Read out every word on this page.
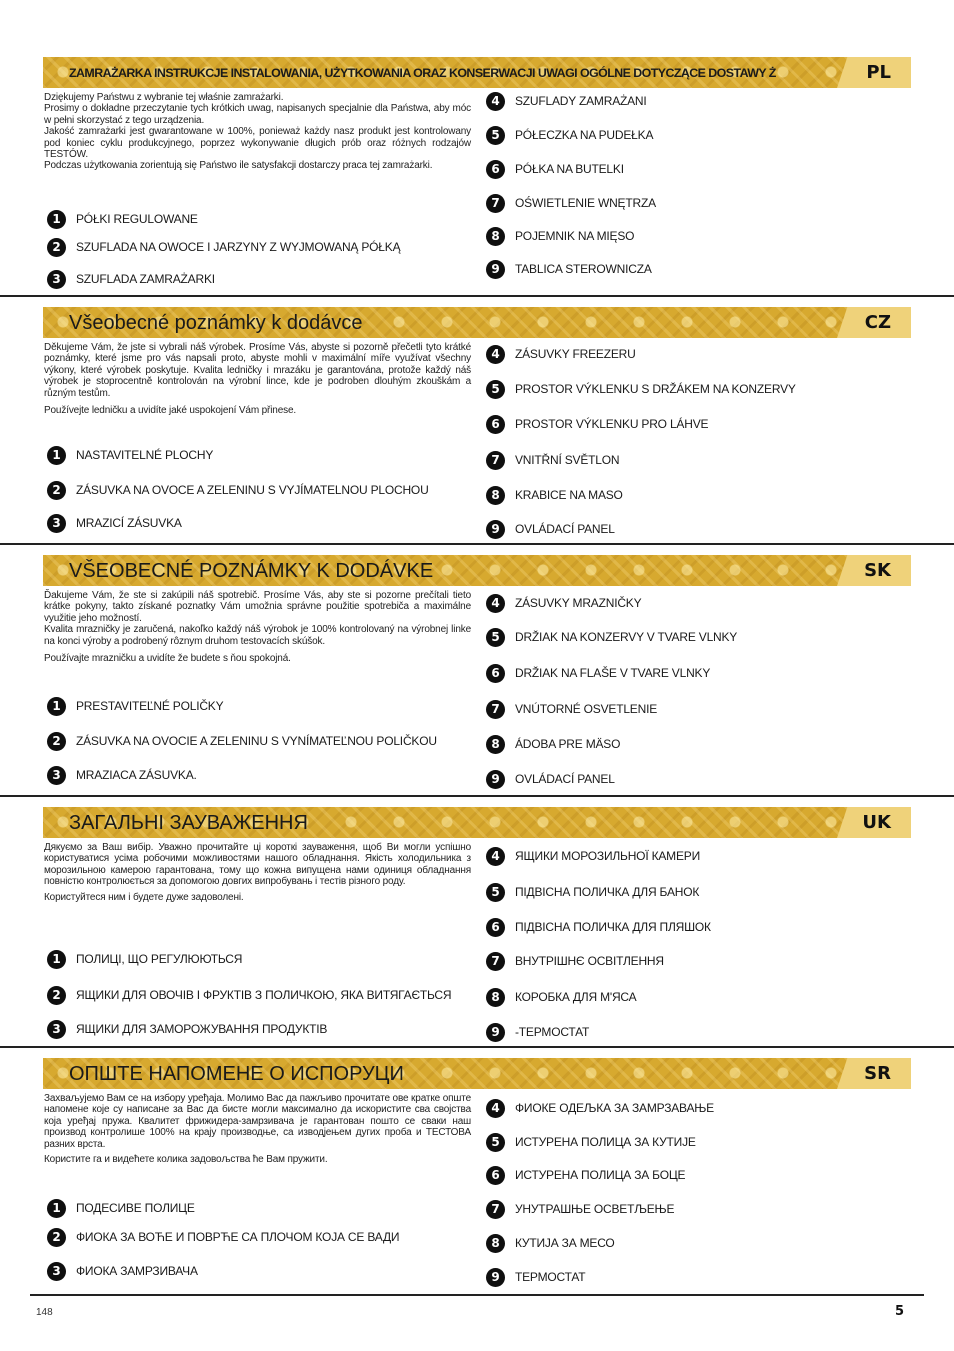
ZAMRAŻARKA INSTRUKCJE INSTALOWANIA, UŻYTKOWANIA ORAZ KONSERWACJI UWAGI OGÓLNE DOTYCZĄCE DOSTAWY Ż	PL

Dziękujemy Państwu z wybranie tej właśnie zamrażarki.

Prosimy o dokładne przeczytanie tych krótkich uwag, napisanych specjalnie dla Państwa, aby móc w pełni skorzystać z tego urządzenia.

Jakość zamrażarki jest gwarantowane w 100%, ponieważ każdy nasz produkt jest kontrolowany pod koniec cyklu produkcyjnego, poprzez wykonywanie długich prób oraz różnych rodzajów TESTÓW.

Podczas użytkowania zorientują się Państwo ile satysfakcji dostarczy praca tej zamrażarki.

1	PÓŁKI REGULOWANE
2	SZUFLADA NA OWOCE I JARZYNY Z WYJMOWANĄ PÓŁKĄ
3	SZUFLADA ZAMRAŻARKI
4	SZUFLADY ZAMRAŻANI
5	PÓŁECZKA NA PUDEŁKA
6	PÓŁKA NA BUTELKI
7	OŚWIETLENIE WNĘTRZA
8	POJEMNIK NA MIĘSO
9	TABLICA STEROWNICZA
Všeobecné poznámky k dodávce	CZ

Děkujeme Vám, že jste si vybrali náš výrobek. Prosíme Vás, abyste si pozorně přečetli tyto krátké poznámky, které jsme pro vás napsali proto, abyste mohli v maximální míře využívat všechny výkony, které výrobek poskytuje. Kvalita ledničky i mrazáku je garantována, protože každý náš výrobek je stoprocentně kontrolován na výrobní lince, kde je podroben dlouhým zkouškám a různým testům.

Používejte ledničku a uvidíte jaké uspokojení Vám přinese.

1	NASTAVITELNÉ PLOCHY
2	ZÁSUVKA NA OVOCE A ZELENINU S VYJÍMATELNOU PLOCHOU
3	MRAZICÍ ZÁSUVKA
4	ZÁSUVKY FREEZERU
5	PROSTOR VÝKLENKU S DRŽÁKEM NA KONZERVY
6	PROSTOR VÝKLENKU PRO LÁHVE
7	VNITŘNÍ SVĚTLON
8	KRABICE NA MASO
9	OVLÁDACÍ PANEL
VŠEOBECNÉ POZNÁMKY K DODÁVKE	SK

Ďakujeme Vám, že ste si zakúpili náš spotrebič. Prosíme Vás, aby ste si pozorne prečítali tieto krátke pokyny, takto získané poznatky Vám umožnia správne použitie spotrebiča a maximálne využitie jeho možností.

Kvalita mrazničky je zaručená, nakoľko každý náš výrobok je 100% kontrolovaný na výrobnej linke na konci výroby a podrobený rôznym druhom testovacích skúšok.

Používajte mrazničku a uvidíte že budete s ňou spokojná.

1	PRESTAVITEĽNÉ POLIČKY
2	ZÁSUVKA NA OVOCIE A ZELENINU S VYNÍMATEĽNOU POLIČKOU
3	MRAZIACA ZÁSUVKA.
4	ZÁSUVKY MRAZNIČKY
5	DRŽIAK NA KONZERVY V TVARE VLNKY
6	DRŽIAK NA FLAŠE V TVARE VLNKY
7	VNÚTORNÉ OSVETLENIE
8	ÁDOBA PRE MÄSO
9	OVLÁDACÍ PANEL
ЗАГАЛЬНІ ЗАУВАЖЕННЯ	UK

Дякуємо за Ваш вибір. Уважно прочитайте ці короткі зауваження, щоб Ви могли успішно користуватися усіма робочими можливостями нашого обладнання. Якість холодильника з морозильною камерою гарантована, тому що кожна випущена нами одиниця обладнання повністю контролюється за допомогою довгих випробувань і тестів різного роду.

Користуйтеся ним і будете дуже задоволені.

1	ПОЛИЦІ, ЩО РЕГУЛЮЮТЬСЯ
2	ЯЩИКИ ДЛЯ ОВОЧІВ І ФРУКТІВ З ПОЛИЧКОЮ, ЯКА ВИТЯГАЄТЬСЯ
3	ЯЩИКИ ДЛЯ ЗАМОРОЖУВАННЯ ПРОДУКТІВ
4	ЯЩИКИ МОРОЗИЛЬНОЇ КАМЕРИ
5	ПІДВІСНА ПОЛИЧКА ДЛЯ БАНОК
6	ПІДВІСНА ПОЛИЧКА ДЛЯ ПЛЯШОК
7	ВНУТРІШНЄ ОСВІТЛЕННЯ
8	КОРОБКА ДЛЯ М'ЯСА
9	-ТЕРМОСТАТ
ОПШТЕ НАПОМЕНЕ О ИСПОРУЦИ	SR

Захваљујемо Вам се на избору уређаја. Молимо Вас да пажљиво прочитате ове кратке опште напомене које су написане за Вас да бисте могли максимално да искористите сва својства која уређај пружа. Квалитет фрижидера-замрзивача је гарантован пошто се сваки наш производ контролише 100% на крају производње, са изводјењем дугих проба и ТЕСТОВА разних врста.

Користите га и видећете колика задовољства ће Вам пружити.

1	ПОДЕСИВЕ ПОЛИЦЕ
2	ФИОКА ЗА ВОЋЕ И ПОВРЋЕ СА ПЛОЧОМ КОЈА СЕ ВАДИ
3	ФИОКА ЗАМРЗИВАЧА
4	ФИОКЕ ОДЕЉКА ЗА ЗАМРЗАВАЊЕ
5	ИСТУРЕНА ПОЛИЦА ЗА КУТИЈЕ
6	ИСТУРЕНА ПОЛИЦА ЗА БОЦЕ
7	УНУТРАШЊЕ ОСВЕТЉЕЊЕ
8	КУТИЈА ЗА МЕСО
9	ТЕРМОСТАТ
148	5
